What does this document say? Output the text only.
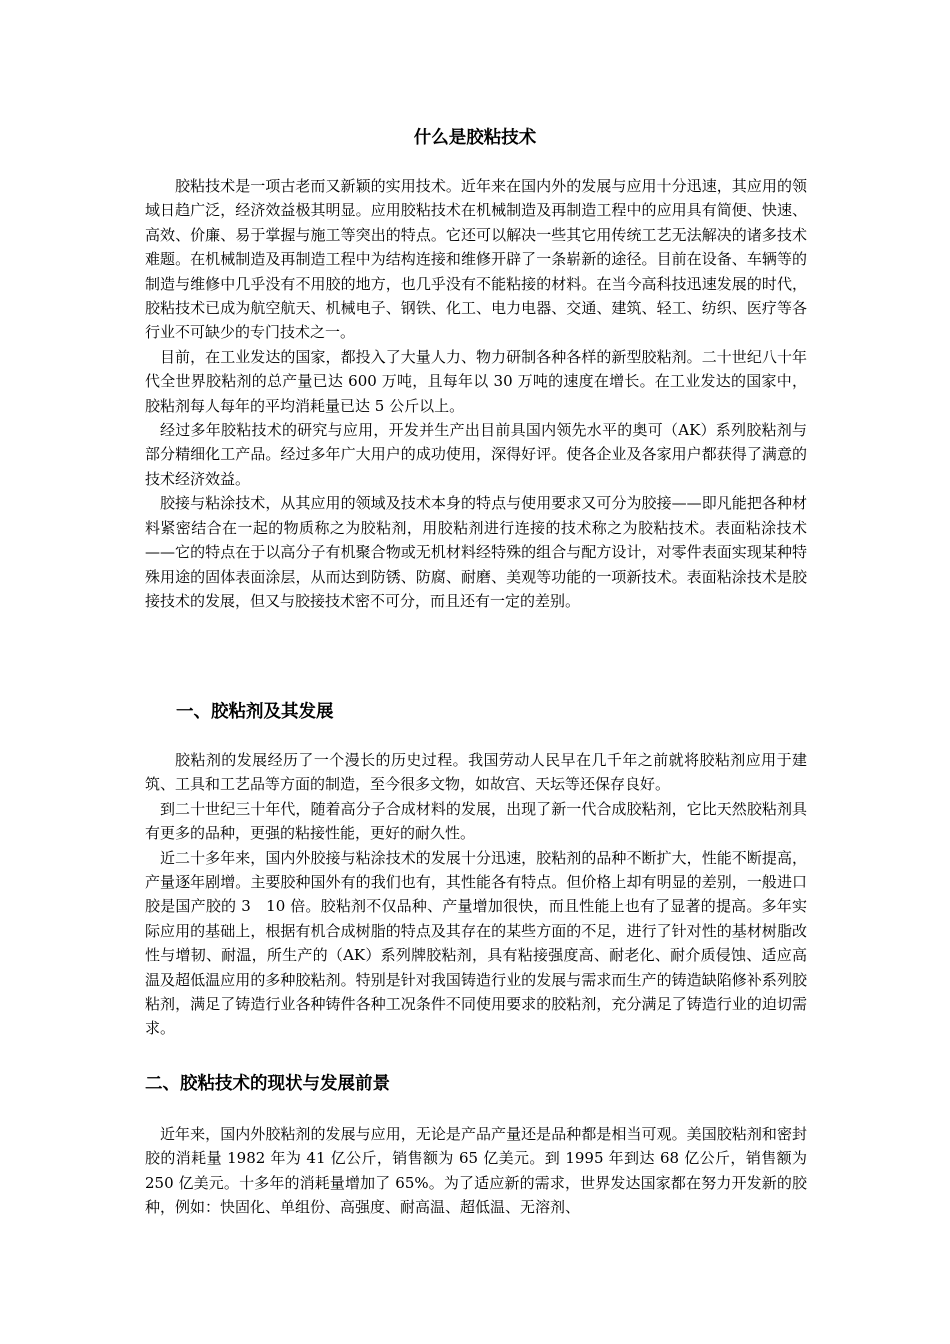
什么是胶粘技术

胶粘技术是一项古老而又新颖的实用技术。近年来在国内外的发展与应用十分迅速，其应用的领域日趋广泛，经济效益极其明显。应用胶粘技术在机械制造及再制造工程中的应用具有简便、快速、高效、价廉、易于掌握与施工等突出的特点。它还可以解决一些其它用传统工艺无法解决的诸多技术难题。在机械制造及再制造工程中为结构连接和维修开辟了一条崭新的途径。目前在设备、车辆等的制造与维修中几乎没有不用胶的地方，也几乎没有不能粘接的材料。在当今高科技迅速发展的时代，胶粘技术已成为航空航天、机械电子、钢铁、化工、电力电器、交通、建筑、轻工、纺织、医疗等各行业不可缺少的专门技术之一。

目前，在工业发达的国家，都投入了大量人力、物力研制各种各样的新型胶粘剂。二十世纪八十年代全世界胶粘剂的总产量已达 600 万吨，且每年以 30 万吨的速度在增长。在工业发达的国家中，胶粘剂每人每年的平均消耗量已达 5 公斤以上。

经过多年胶粘技术的研究与应用，开发并生产出目前具国内领先水平的奥可（AK）系列胶粘剂与部分精细化工产品。经过多年广大用户的成功使用，深得好评。使各企业及各家用户都获得了满意的技术经济效益。

胶接与粘涂技术，从其应用的领域及技术本身的特点与使用要求又可分为胶接——即凡能把各种材料紧密结合在一起的物质称之为胶粘剂，用胶粘剂进行连接的技术称之为胶粘技术。表面粘涂技术——它的特点在于以高分子有机聚合物或无机材料经特殊的组合与配方设计，对零件表面实现某种特殊用途的固体表面涂层，从而达到防锈、防腐、耐磨、美观等功能的一项新技术。表面粘涂技术是胶接技术的发展，但又与胶接技术密不可分，而且还有一定的差别。

一、胶粘剂及其发展

胶粘剂的发展经历了一个漫长的历史过程。我国劳动人民早在几千年之前就将胶粘剂应用于建筑、工具和工艺品等方面的制造，至今很多文物，如故宫、天坛等还保存良好。

到二十世纪三十年代，随着高分子合成材料的发展，出现了新一代合成胶粘剂，它比天然胶粘剂具有更多的品种，更强的粘接性能，更好的耐久性。

近二十多年来，国内外胶接与粘涂技术的发展十分迅速，胶粘剂的品种不断扩大，性能不断提高，产量逐年剧增。主要胶种国外有的我们也有，其性能各有特点。但价格上却有明显的差别，一般进口胶是国产胶的 3　10 倍。胶粘剂不仅品种、产量增加很快，而且性能上也有了显著的提高。多年实际应用的基础上，根据有机合成树脂的特点及其存在的某些方面的不足，进行了针对性的基材树脂改性与增韧、耐温，所生产的（AK）系列牌胶粘剂，具有粘接强度高、耐老化、耐介质侵蚀、适应高温及超低温应用的多种胶粘剂。特别是针对我国铸造行业的发展与需求而生产的铸造缺陷修补系列胶粘剂，满足了铸造行业各种铸件各种工况条件不同使用要求的胶粘剂，充分满足了铸造行业的迫切需求。

二、胶粘技术的现状与发展前景

近年来，国内外胶粘剂的发展与应用，无论是产品产量还是品种都是相当可观。美国胶粘剂和密封胶的消耗量 1982 年为 41 亿公斤，销售额为 65 亿美元。到 1995 年到达 68 亿公斤，销售额为 250 亿美元。十多年的消耗量增加了 65%。为了适应新的需求，世界发达国家都在努力开发新的胶种，例如：快固化、单组份、高强度、耐高温、超低温、无溶剂、
